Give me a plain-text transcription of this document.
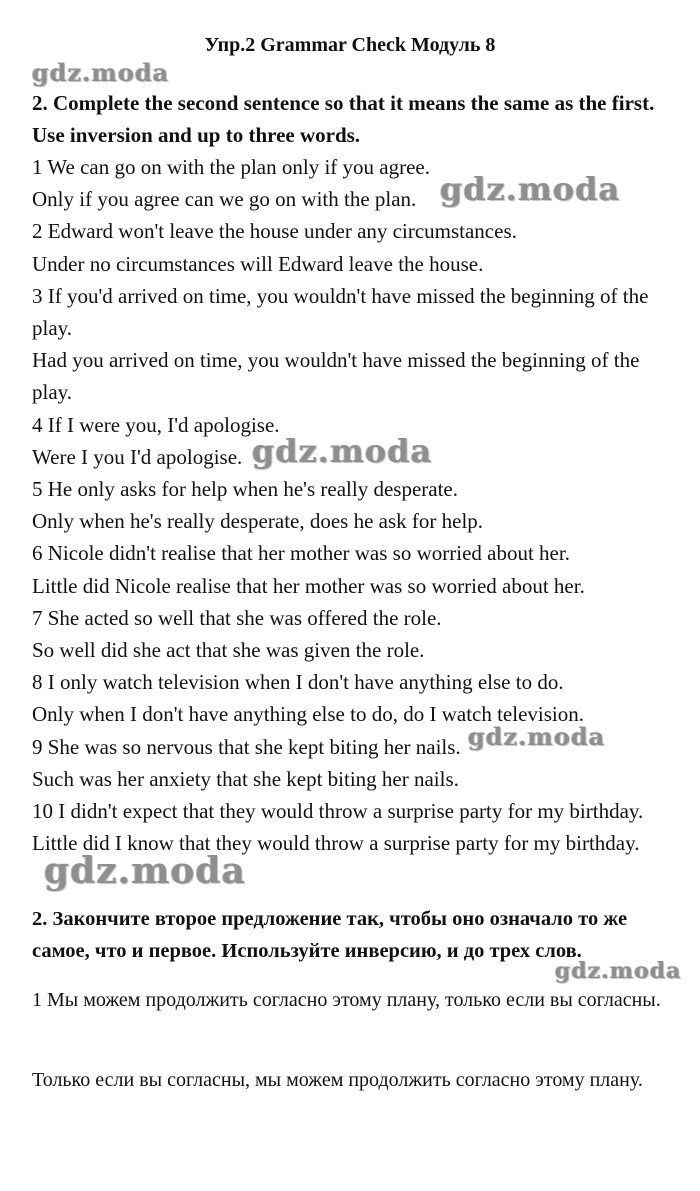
Упр.2 Grammar Check Модуль 8
gdz.moda
2. Complete the second sentence so that it means the same as the first. Use inversion and up to three words.
1 We can go on with the plan only if you agree.
Only if you agree can we go on with the plan.
2 Edward won't leave the house under any circumstances.
Under no circumstances will Edward leave the house.
3 If you'd arrived on time, you wouldn't have missed the beginning of the play.
Had you arrived on time, you wouldn't have missed the beginning of the play.
4 If I were you, I'd apologise.
Were I you I'd apologise.
5 He only asks for help when he's really desperate.
Only when he's really desperate, does he ask for help.
6 Nicole didn't realise that her mother was so worried about her.
Little did Nicole realise that her mother was so worried about her.
7 She acted so well that she was offered the role.
So well did she act that she was given the role.
8 I only watch television when I don't have anything else to do.
Only when I don't have anything else to do, do I watch television.
9 She was so nervous that she kept biting her nails.
Such was her anxiety that she kept biting her nails.
10 I didn't expect that they would throw a surprise party for my birthday.
Little did I know that they would throw a surprise party for my birthday.
gdz.moda
gdz.moda
gdz.moda
gdz.moda
2. Закончите второе предложение так, чтобы оно означало то же самое, что и первое. Используйте инверсию, и до трех слов.
gdz.moda
1 Мы можем продолжить согласно этому плану, только если вы согласны.
Только если вы согласны, мы можем продолжить согласно этому плану.
